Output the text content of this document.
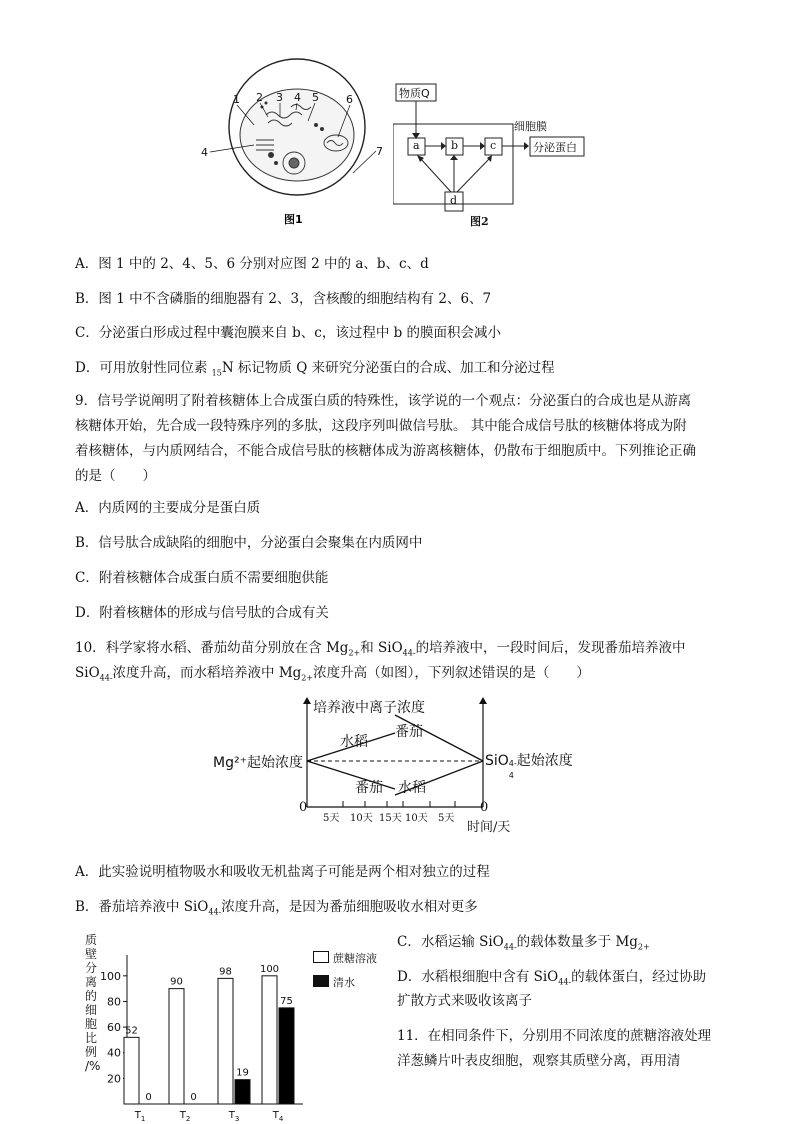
1 2 3 4 5 6
4	7
图1
物质Q
细胞膜
a	b	c
d
分泌蛋白
图2
A．图 1 中的 2、4、5、6 分别对应图 2 中的 a、b、c、d
B．图 1 中不含磷脂的细胞器有 2、3，含核酸的细胞结构有 2、6、7
C．分泌蛋白形成过程中囊泡膜来自 b、c，该过程中 b 的膜面积会减小
D．可用放射性同位素 $_{15}$N 标记物质 Q 来研究分泌蛋白的合成、加工和分泌过程
9．信号学说阐明了附着核糖体上合成蛋白质的特殊性，该学说的一个观点：分泌蛋白的合成也是从游离
核糖体开始，先合成一段特殊序列的多肽，这段序列叫做信号肽。 其中能合成信号肽的核糖体将成为附
着核糖体，与内质网结合，不能合成信号肽的核糖体成为游离核糖体，仍散布于细胞质中。下列推论正确
的是（　　）
A．内质网的主要成分是蛋白质
B．信号肽合成缺陷的细胞中，分泌蛋白会聚集在内质网中
C．附着核糖体合成蛋白质不需要细胞供能
D．附着核糖体的形成与信号肽的合成有关
10．科学家将水稻、番茄幼苗分别放在含 $Mg_{2+}$和 SiO$_{44-}$的培养液中，一段时间后，发现番茄培养液中
SiO$_{44-}$浓度升高，而水稻培养液中 $Mg_{2+}$浓度升高（如图），下列叙述错误的是（　　）
培养液中离子浓度
Mg²⁺起始浓度	SiO 4-
4
起始浓度
水稻
番茄
番茄
水稻
0	0
5天 10天 15天 10天 5天
时间/天
A．此实验说明植物吸水和吸收无机盐离子可能是两个相对独立的过程
B．番茄培养液中 SiO$_{44-}$浓度升高，是因为番茄细胞吸收水相对更多
C．水稻运输 SiO$_{44-}$的载体数量多于 $Mg_{2+}$
D．水稻根细胞中含有 SiO$_{44-}$的载体蛋白，经过协助
扩散方式来吸收该离子
11．在相同条件下，分别用不同浓度的蔗糖溶液处理
洋葱鳞片叶表皮细胞，观察其质壁分离，再用清
质
壁
分
离
的
细
胞
比
例
/%
100
80
60
40
20
52
0
$T_1$
90
0
$T_2$
98
19
$T_3$
100
75
$T_4$
蔗糖溶液
清水
